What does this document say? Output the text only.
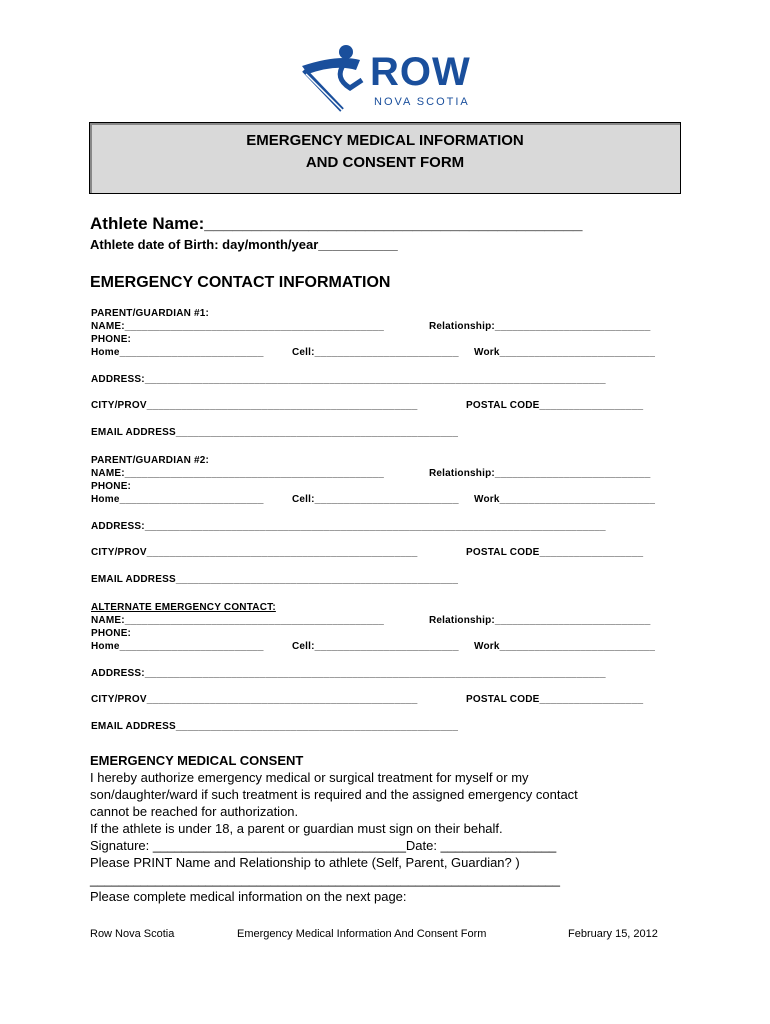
ROW
NOVA SCOTIA
EMERGENCY MEDICAL INFORMATION
AND CONSENT FORM
Athlete Name:________________________________________
Athlete date of Birth: day/month/year___________
EMERGENCY CONTACT INFORMATION
PARENT/GUARDIAN #1:
NAME:_____________________________________________	Relationship:___________________________
PHONE:
Home_________________________	Cell:_________________________ Work___________________________
ADDRESS:________________________________________________________________________________
CITY/PROV_______________________________________________	POSTAL CODE__________________
EMAIL ADDRESS_________________________________________________
PARENT/GUARDIAN #2:
NAME:_____________________________________________	Relationship:___________________________
PHONE:
Home_________________________	Cell:_________________________ Work___________________________
ADDRESS:________________________________________________________________________________
CITY/PROV_______________________________________________	POSTAL CODE__________________
EMAIL ADDRESS_________________________________________________
ALTERNATE EMERGENCY CONTACT:
NAME:_____________________________________________	Relationship:___________________________
PHONE:
Home_________________________	Cell:_________________________ Work___________________________
ADDRESS:________________________________________________________________________________
CITY/PROV_______________________________________________	POSTAL CODE__________________
EMAIL ADDRESS_________________________________________________
EMERGENCY MEDICAL CONSENT
I hereby authorize emergency medical or surgical treatment for myself or my
son/daughter/ward if such treatment is required and the assigned emergency contact
cannot be reached for authorization.
If the athlete is under 18, a parent or guardian must sign on their behalf.
Signature: ___________________________________Date: ________________
Please PRINT Name and Relationship to athlete (Self, Parent, Guardian? )
_________________________________________________________________
Please complete medical information on the next page:
Row Nova Scotia	Emergency Medical Information And Consent Form	February 15, 2012
